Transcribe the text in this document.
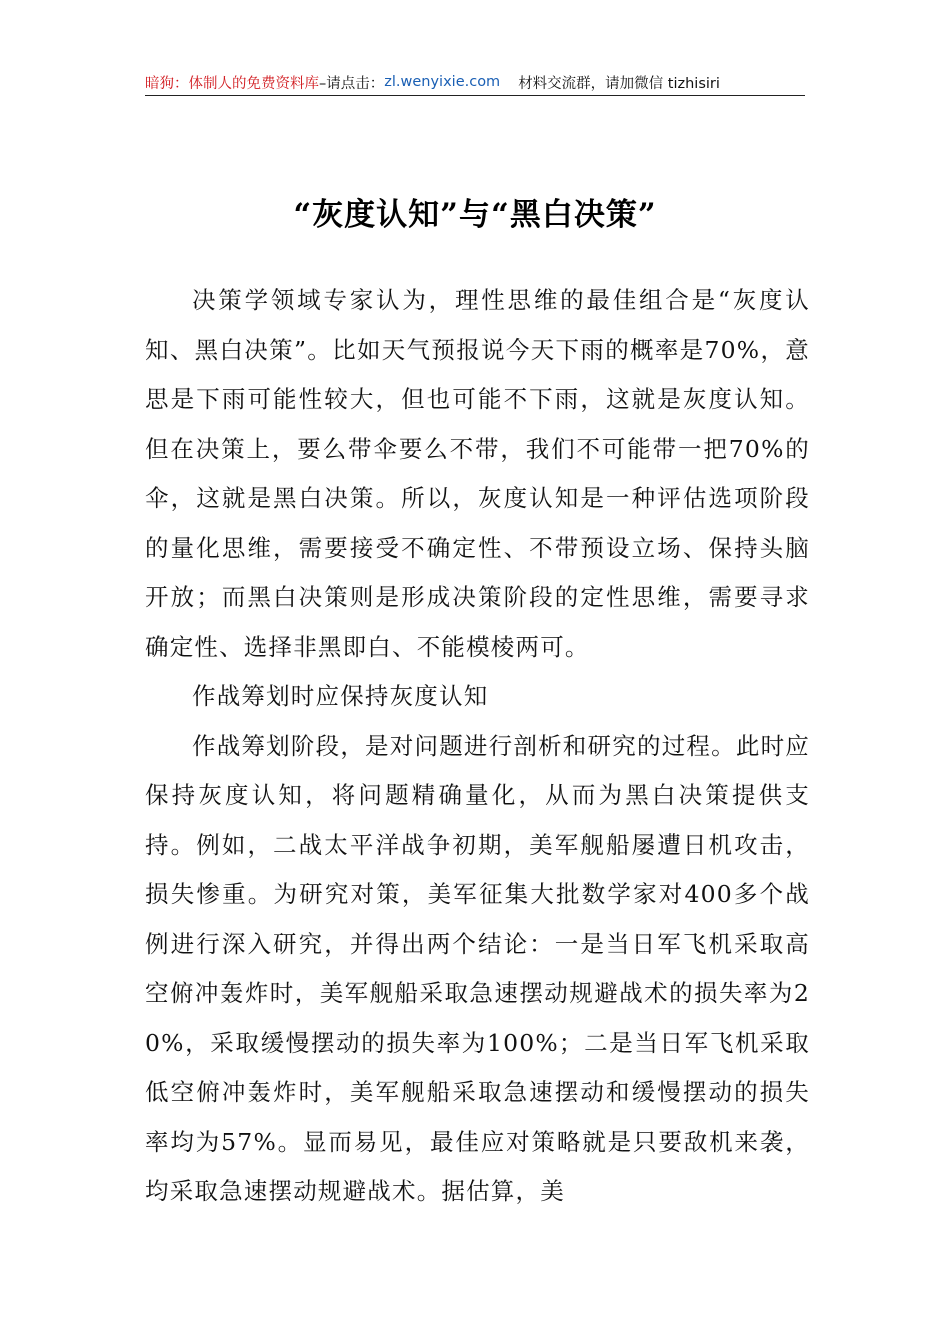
暗狗：体制人的免费资料库 –请点击： zl.wenyixie.com 材料交流群，请加微信 tizhisiri
“灰度认知”与“黑白决策”

决策学领域专家认为，理性思维的最佳组合是“灰度认知、黑白决策”。比如天气预报说今天下雨的概率是70%，意思是下雨可能性较大，但也可能不下雨，这就是灰度认知。但在决策上，要么带伞要么不带，我们不可能带一把70%的伞，这就是黑白决策。所以，灰度认知是一种评估选项阶段的量化思维，需要接受不确定性、不带预设立场、保持头脑开放；而黑白决策则是形成决策阶段的定性思维，需要寻求确定性、选择非黑即白、不能模棱两可。

作战筹划时应保持灰度认知

作战筹划阶段，是对问题进行剖析和研究的过程。此时应保持灰度认知，将问题精确量化，从而为黑白决策提供支持。例如，二战太平洋战争初期，美军舰船屡遭日机攻击，损失惨重。为研究对策，美军征集大批数学家对400多个战例进行深入研究，并得出两个结论：一是当日军飞机采取高空俯冲轰炸时，美军舰船采取急速摆动规避战术的损失率为20%，采取缓慢摆动的损失率为100%；二是当日军飞机采取低空俯冲轰炸时，美军舰船采取急速摆动和缓慢摆动的损失率均为57%。显而易见，最佳应对策略就是只要敌机来袭，均采取急速摆动规避战术。据估算，美
